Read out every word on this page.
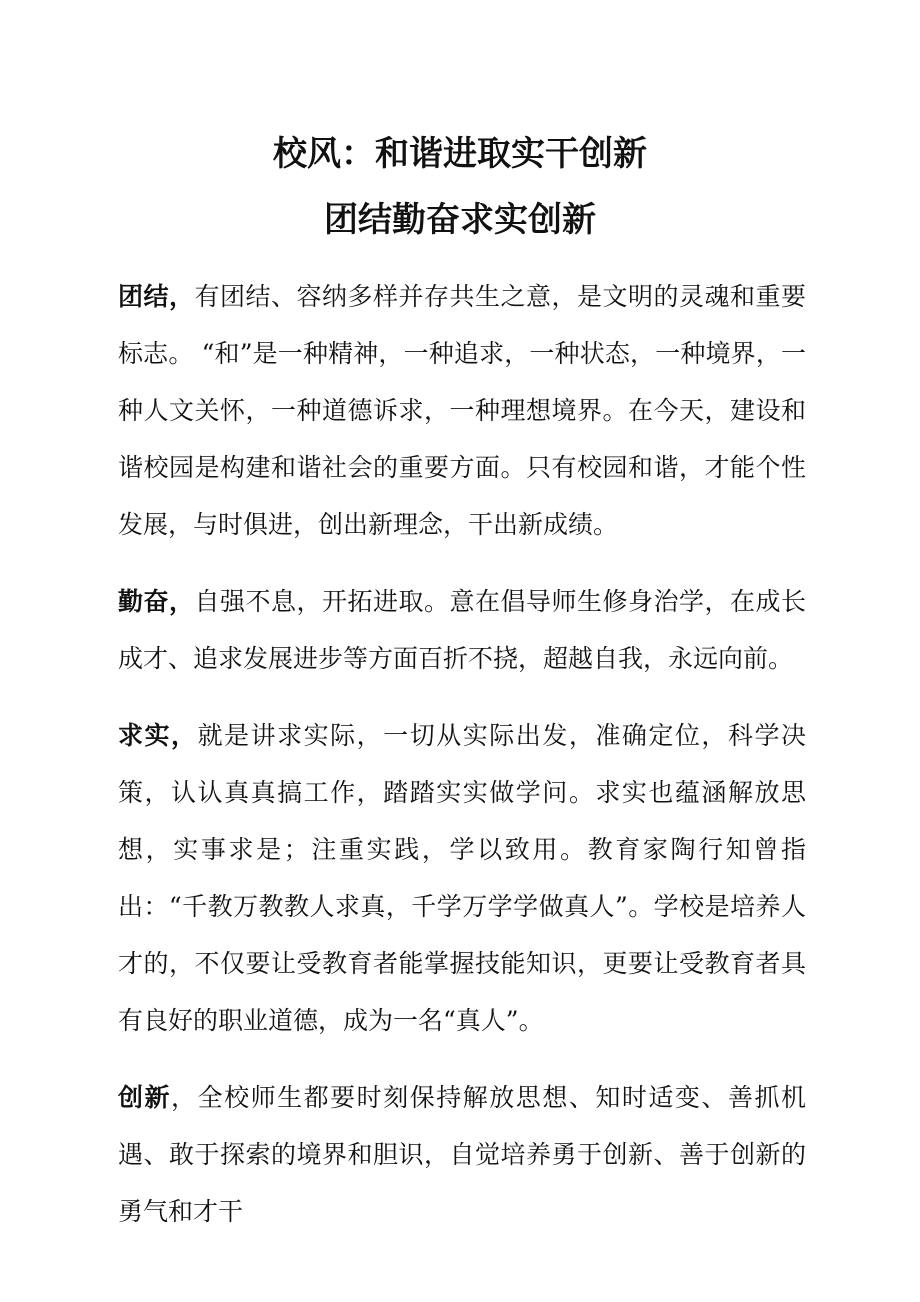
校风：和谐进取实干创新
团结勤奋求实创新

团结，有团结、容纳多样并存共生之意，是文明的灵魂和重要标志。 “和”是一种精神，一种追求，一种状态，一种境界，一种人文关怀，一种道德诉求，一种理想境界。在今天，建设和谐校园是构建和谐社会的重要方面。只有校园和谐，才能个性发展，与时俱进，创出新理念，干出新成绩。

勤奋，自强不息，开拓进取。意在倡导师生修身治学，在成长成才、追求发展进步等方面百折不挠，超越自我，永远向前。

求实，就是讲求实际，一切从实际出发，准确定位，科学决策，认认真真搞工作，踏踏实实做学问。求实也蕴涵解放思想，实事求是；注重实践，学以致用。教育家陶行知曾指出：“千教万教教人求真，千学万学学做真人”。学校是培养人才的，不仅要让受教育者能掌握技能知识，更要让受教育者具有良好的职业道德，成为一名“真人”。

创新，全校师生都要时刻保持解放思想、知时适变、善抓机遇、敢于探索的境界和胆识，自觉培养勇于创新、善于创新的勇气和才干
